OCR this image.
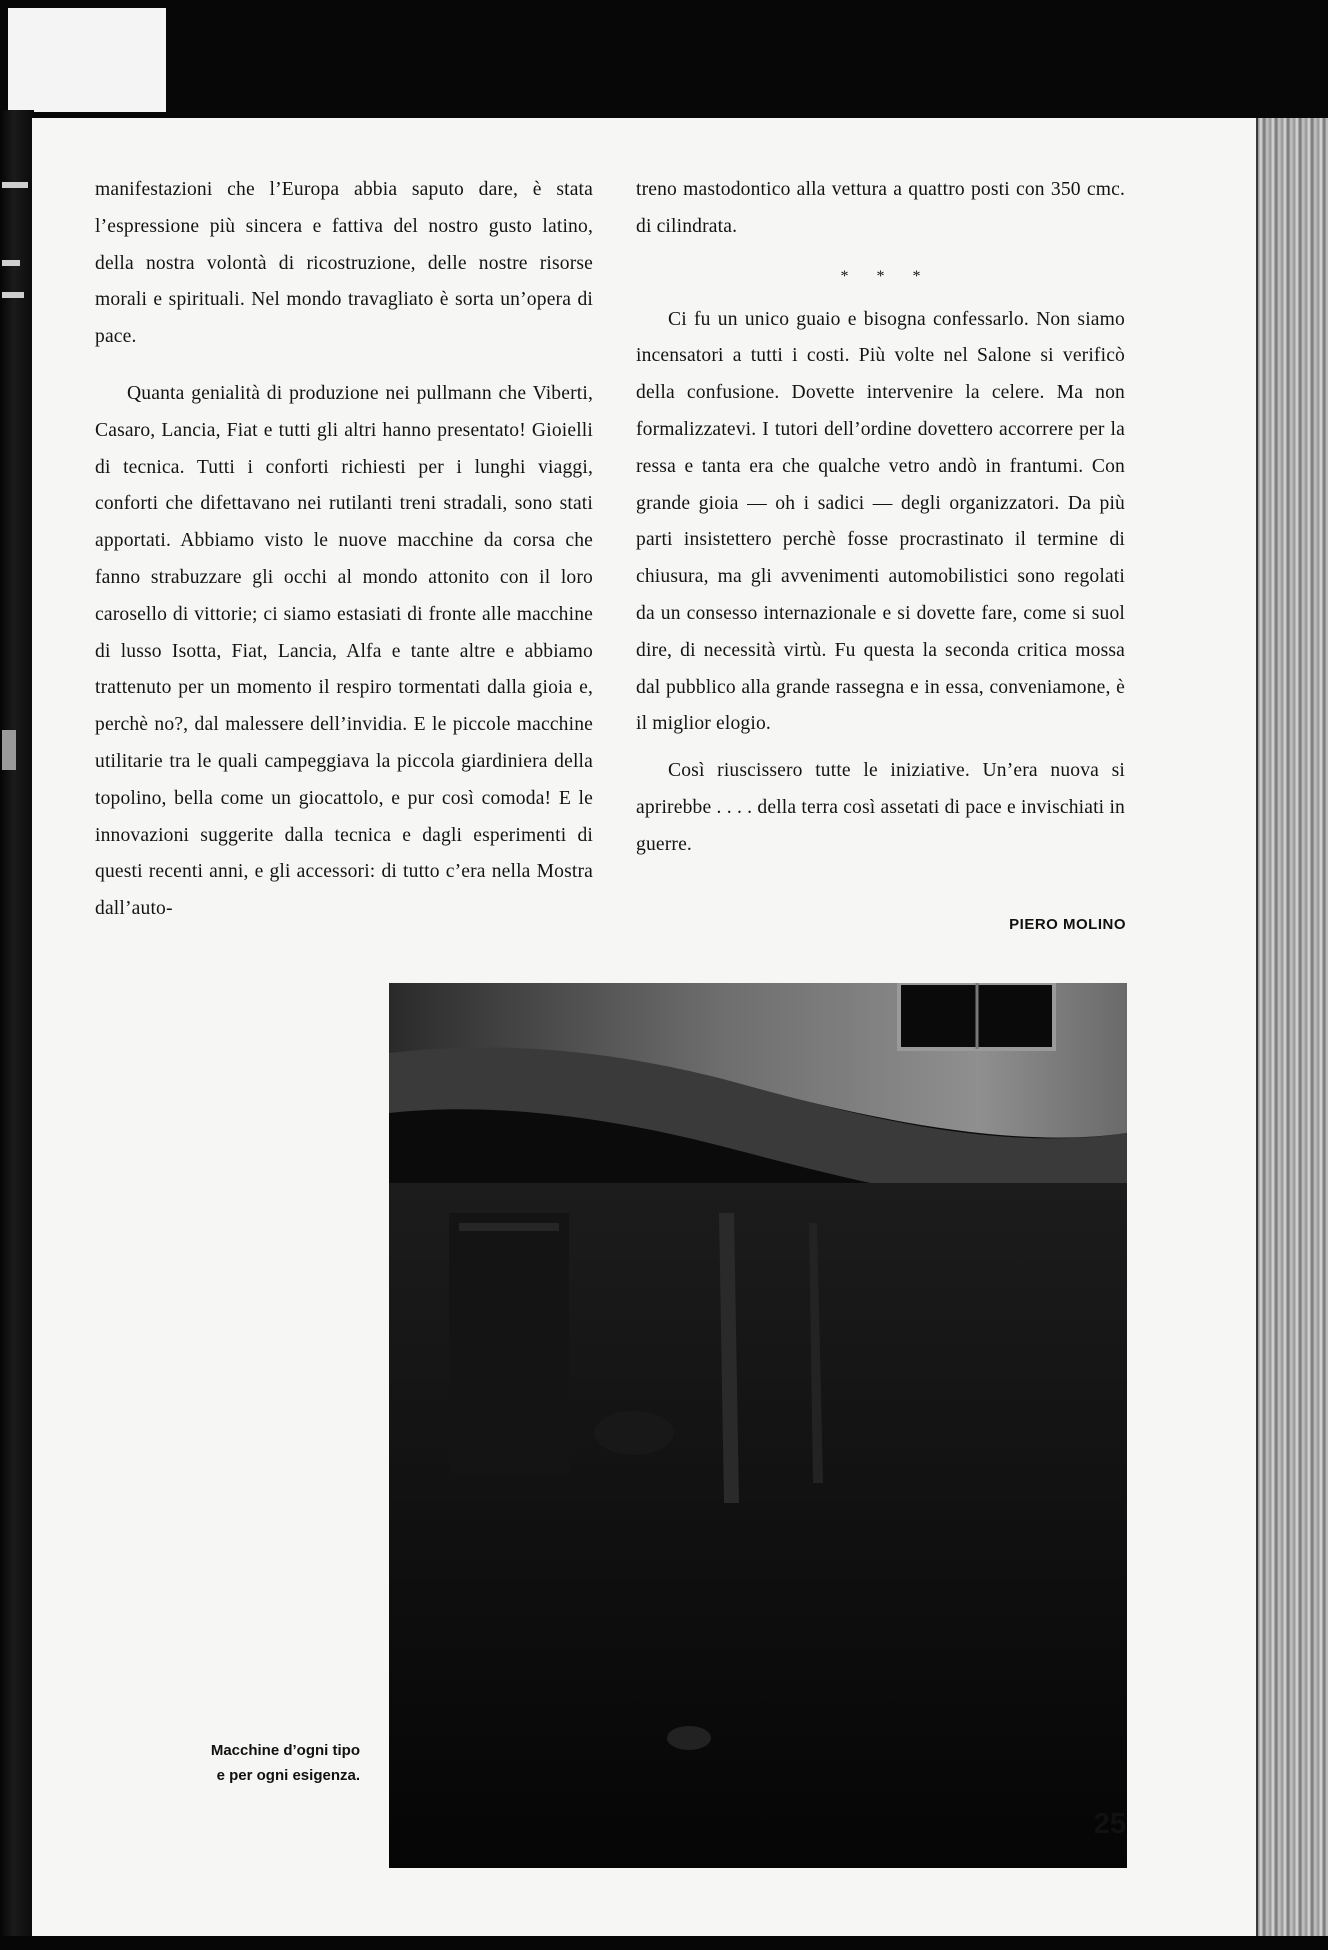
manifestazioni che l’Europa abbia saputo dare, è stata l’espressione più sincera e fattiva del nostro gusto latino, della nostra volontà di ricostruzione, delle nostre risorse morali e spirituali. Nel mondo travagliato è sorta un’opera di pace.

Quanta genialità di produzione nei pullmann che Viberti, Casaro, Lancia, Fiat e tutti gli altri hanno presentato! Gioielli di tecnica. Tutti i conforti richiesti per i lunghi viaggi, conforti che difettavano nei rutilanti treni stradali, sono stati apportati. Abbiamo visto le nuove macchine da corsa che fanno strabuzzare gli occhi al mondo attonito con il loro carosello di vittorie; ci siamo estasiati di fronte alle macchine di lusso Isotta, Fiat, Lancia, Alfa e tante altre e abbiamo trattenuto per un momento il respiro tormentati dalla gioia e, perchè no?, dal malessere dell’invidia. E le piccole macchine utilitarie tra le quali campeggiava la piccola giardiniera della topolino, bella come un giocattolo, e pur così comoda! E le innovazioni suggerite dalla tecnica e dagli esperimenti di questi recenti anni, e gli accessori: di tutto c’era nella Mostra dall’auto-

treno mastodontico alla vettura a quattro posti con 350 cmc. di cilindrata.

* * *

Ci fu un unico guaio e bisogna confessarlo. Non siamo incensatori a tutti i costi. Più volte nel Salone si verificò della confusione. Dovette intervenire la celere. Ma non formalizzatevi. I tutori dell’ordine dovettero accorrere per la ressa e tanta era che qualche vetro andò in frantumi. Con grande gioia — oh i sadici — degli organizzatori. Da più parti insistettero perchè fosse procrastinato il termine di chiusura, ma gli avvenimenti automobilistici sono regolati da un consesso internazionale e si dovette fare, come si suol dire, di necessità virtù. Fu questa la seconda critica mossa dal pubblico alla grande rassegna e in essa, conveniamone, è il miglior elogio.

Così riuscissero tutte le iniziative. Un’era nuova si aprirebbe . . . . della terra così assetati di pace e invischiati in guerre.

PIERO MOLINO
Macchine d’ogni tipo
e per ogni esigenza.
25
